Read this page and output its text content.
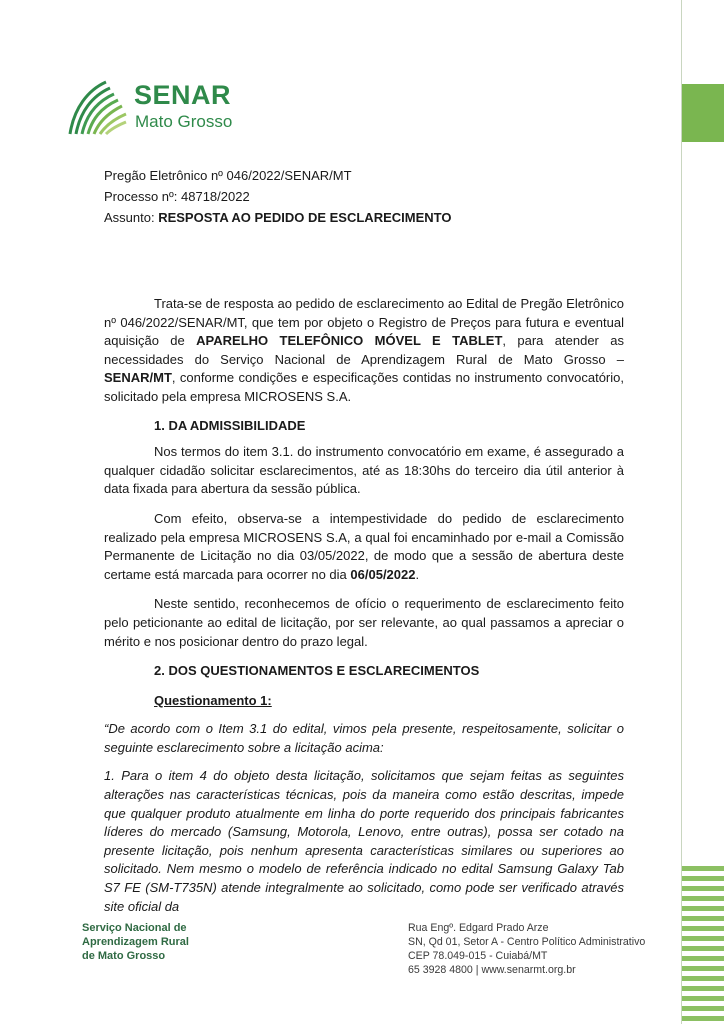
SENAR
Mato Grosso
Pregão Eletrônico nº 046/2022/SENAR/MT
Processo nº: 48718/2022
Assunto: RESPOSTA AO PEDIDO DE ESCLARECIMENTO

Trata-se de resposta ao pedido de esclarecimento ao Edital de Pregão Eletrônico nº 046/2022/SENAR/MT, que tem por objeto o Registro de Preços para futura e eventual aquisição de APARELHO TELEFÔNICO MÓVEL E TABLET, para atender as necessidades do Serviço Nacional de Aprendizagem Rural de Mato Grosso – SENAR/MT, conforme condições e especificações contidas no instrumento convocatório, solicitado pela empresa MICROSENS S.A.

1. DA ADMISSIBILIDADE

Nos termos do item 3.1. do instrumento convocatório em exame, é assegurado a qualquer cidadão solicitar esclarecimentos, até as 18:30hs do terceiro dia útil anterior à data fixada para abertura da sessão pública.

Com efeito, observa-se a intempestividade do pedido de esclarecimento realizado pela empresa MICROSENS S.A, a qual foi encaminhado por e-mail a Comissão Permanente de Licitação no dia 03/05/2022, de modo que a sessão de abertura deste certame está marcada para ocorrer no dia 06/05/2022.

Neste sentido, reconhecemos de ofício o requerimento de esclarecimento feito pelo peticionante ao edital de licitação, por ser relevante, ao qual passamos a apreciar o mérito e nos posicionar dentro do prazo legal.

2. DOS QUESTIONAMENTOS E ESCLARECIMENTOS

Questionamento 1:

“De acordo com o Item 3.1 do edital, vimos pela presente, respeitosamente, solicitar o seguinte esclarecimento sobre a licitação acima:

1. Para o item 4 do objeto desta licitação, solicitamos que sejam feitas as seguintes alterações nas características técnicas, pois da maneira como estão descritas, impede que qualquer produto atualmente em linha do porte requerido dos principais fabricantes líderes do mercado (Samsung, Motorola, Lenovo, entre outras), possa ser cotado na presente licitação, pois nenhum apresenta características similares ou superiores ao solicitado. Nem mesmo o modelo de referência indicado no edital Samsung Galaxy Tab S7 FE (SM-T735N) atende integralmente ao solicitado, como pode ser verificado através site oficial da

Serviço Nacional de
Aprendizagem Rural
de Mato Grosso
Rua Engº. Edgard Prado Arze
SN, Qd 01, Setor A - Centro Político Administrativo
CEP 78.049-015 - Cuiabá/MT
65 3928 4800 | www.senarmt.org.br
